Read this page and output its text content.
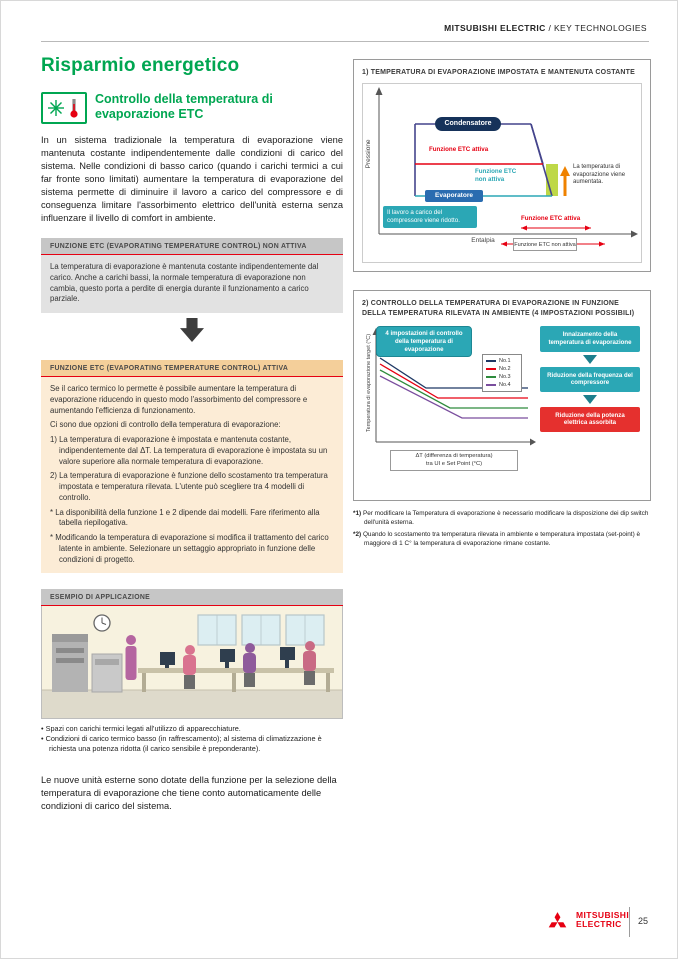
MITSUBISHI ELECTRIC / KEY TECHNOLOGIES
Risparmio energetico
Controllo della temperatura di evaporazione ETC

In un sistema tradizionale la temperatura di evaporazione viene mantenuta costante indipendentemente dalle condizioni di carico del sistema. Nelle condizioni di basso carico (quando i carichi termici a cui far fronte sono limitati) aumentare la temperatura di evaporazione del sistema permette di diminuire il lavoro a carico del compressore e di conseguenza limitare l'assorbimento elettrico dell'unità esterna senza influenzare il livello di comfort in ambiente.

FUNZIONE ETC (EVAPORATING TEMPERATURE CONTROL) NON ATTIVA
La temperatura di evaporazione è mantenuta costante indipendentemente dal carico. Anche a carichi bassi, la normale temperatura di evaporazione non cambia, questo porta a perdite di energia durante il funzionamento a carico parziale.
FUNZIONE ETC (EVAPORATING TEMPERATURE CONTROL) ATTIVA

Se il carico termico lo permette è possibile aumentare la temperatura di evaporazione riducendo in questo modo l'assorbimento del compressore e aumentando l'efficienza di funzionamento.

Ci sono due opzioni di controllo della temperatura di evaporazione:

1) La temperatura di evaporazione è impostata e mantenuta costante, indipendentemente dal ΔT. La temperatura di evaporazione è impostata su un valore superiore alla normale temperatura di evaporazione.

2) La temperatura di evaporazione è funzione dello scostamento tra temperatura impostata e temperatura rilevata. L'utente può scegliere tra 4 modelli di controllo.

* La disponibilità della funzione 1 e 2 dipende dai modelli. Fare riferimento alla tabella riepilogativa.

* Modificando la temperatura di evaporazione si modifica il trattamento del carico latente in ambiente. Selezionare un settaggio appropriato in funzione delle condizioni di progetto.

ESEMPIO DI APPLICAZIONE
• Spazi con carichi termici legati all'utilizzo di apparecchiature.
• Condizioni di carico termico basso (in raffrescamento); al sistema di climatizzazione è richiesta una potenza ridotta (il carico sensibile è preponderante).

Le nuove unità esterne sono dotate della funzione per la selezione della temperatura di evaporazione che tiene conto automaticamente delle condizioni di carico del sistema.

1) TEMPERATURA DI EVAPORAZIONE IMPOSTATA E MANTENUTA COSTANTE
Pressione
Entalpia
Condensatore
Evaporatore
Funzione ETC attiva
Funzione ETC non attiva
La temperatura di evaporazione viene aumentata.
Il lavoro a carico del compressore viene ridotto.	Funzione ETC attiva
Funzione ETC non attiva
2) CONTROLLO DELLA TEMPERATURA DI EVAPORAZIONE IN FUNZIONE DELLA TEMPERATURA RILEVATA IN AMBIENTE (4 IMPOSTAZIONI POSSIBILI)
4 impostazioni di controllo della temperatura di evaporazione
No.1
No.2
No.3
No.4
Temperatura di evaporazione target (°C)
ΔT (differenza di temperatura)
tra UI e Set Point (°C)
Innalzamento della temperatura di evaporazione
Riduzione della frequenza del compressore
Riduzione della potenza elettrica assorbita

*1) Per modificare la Temperatura di evaporazione è necessario modificare la disposizione dei dip switch dell'unità esterna.

*2) Quando lo scostamento tra temperatura rilevata in ambiente e temperatura impostata (set-point) è maggiore di 1 C° la temperatura di evaporazione rimane costante.

MITSUBISHI
ELECTRIC	25
